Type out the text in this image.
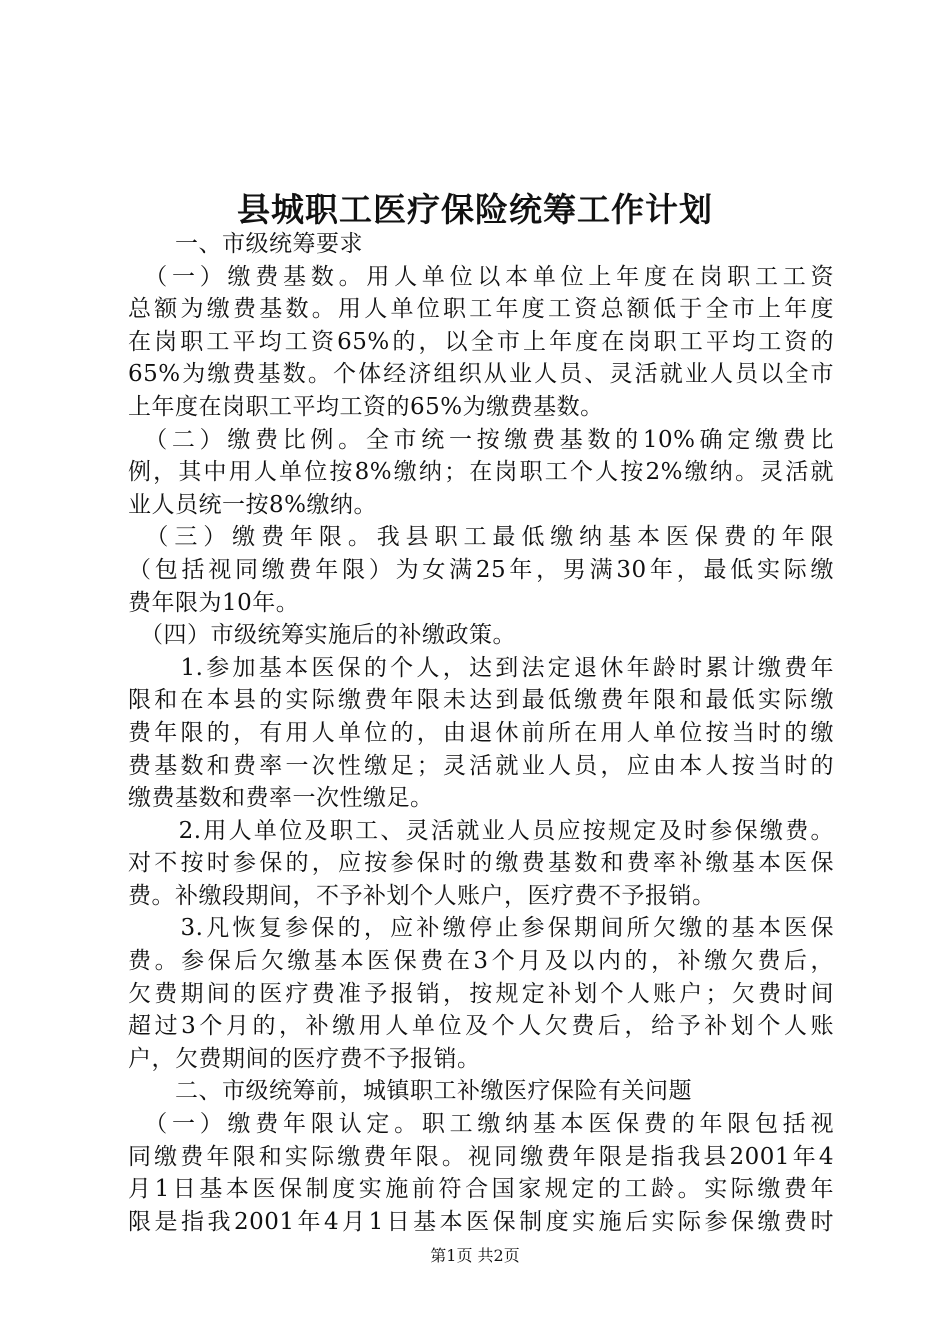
县城职工医疗保险统筹工作计划
　　一、市级统筹要求
　（一）缴费基数。用人单位以本单位上年度在岗职工工资
总额为缴费基数。用人单位职工年度工资总额低于全市上年度
在岗职工平均工资65%的，以全市上年度在岗职工平均工资的
65%为缴费基数。个体经济组织从业人员、灵活就业人员以全市
上年度在岗职工平均工资的65%为缴费基数。
　（二）缴费比例。全市统一按缴费基数的10%确定缴费比
例，其中用人单位按8%缴纳；在岗职工个人按2%缴纳。灵活就
业人员统一按8%缴纳。
　（三）缴费年限。我县职工最低缴纳基本医保费的年限
（包括视同缴费年限）为女满25年，男满30年，最低实际缴
费年限为10年。
　（四）市级统筹实施后的补缴政策。
　　1.参加基本医保的个人，达到法定退休年龄时累计缴费年
限和在本县的实际缴费年限未达到最低缴费年限和最低实际缴
费年限的，有用人单位的，由退休前所在用人单位按当时的缴
费基数和费率一次性缴足；灵活就业人员，应由本人按当时的
缴费基数和费率一次性缴足。
　　2.用人单位及职工、灵活就业人员应按规定及时参保缴费。
对不按时参保的，应按参保时的缴费基数和费率补缴基本医保
费。补缴段期间，不予补划个人账户，医疗费不予报销。
　　3.凡恢复参保的，应补缴停止参保期间所欠缴的基本医保
费。参保后欠缴基本医保费在3个月及以内的，补缴欠费后，
欠费期间的医疗费准予报销，按规定补划个人账户；欠费时间
超过3个月的，补缴用人单位及个人欠费后，给予补划个人账
户，欠费期间的医疗费不予报销。
　　二、市级统筹前，城镇职工补缴医疗保险有关问题
　（一）缴费年限认定。职工缴纳基本医保费的年限包括视
同缴费年限和实际缴费年限。视同缴费年限是指我县2001年4
月1日基本医保制度实施前符合国家规定的工龄。实际缴费年
限是指我2001年4月1日基本医保制度实施后实际参保缴费时
第1页 共2页
